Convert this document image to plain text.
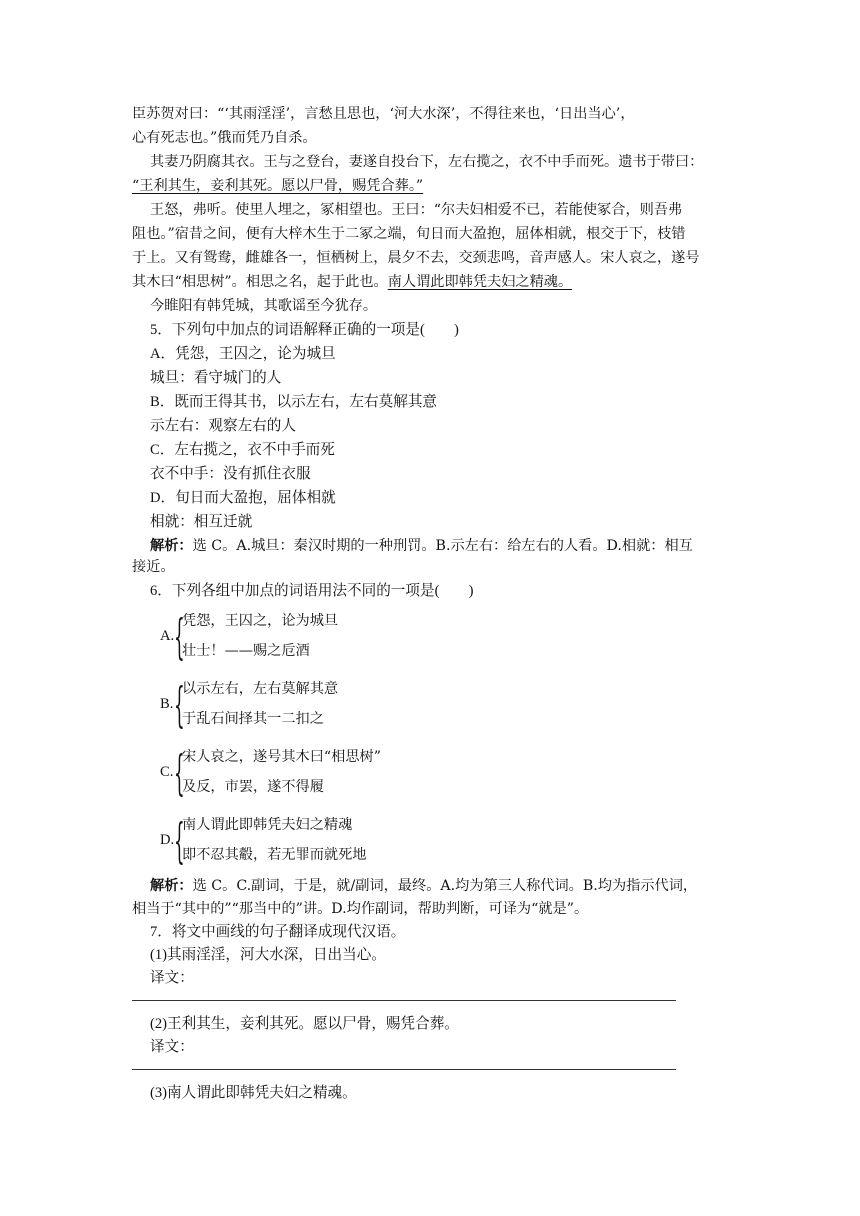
臣苏贺对曰：“‘其雨淫淫’，言愁且思也，‘河大水深’，不得往来也，‘日出当心’，
心有死志也。”俄而凭乃自杀。
其妻乃阴腐其衣。王与之登台，妻遂自投台下，左右揽之，衣不中手而死。遗书于带曰：
“王利其生，妾利其死。愿以尸骨，赐凭合葬。”
王怒，弗听。使里人埋之，冢相望也。王曰：“尔夫妇相爱不已，若能使冢合，则吾弗
阻也。”宿昔之间，便有大梓木生于二冢之端，旬日而大盈抱，屈体相就，根交于下，枝错
于上。又有鸳鸯，雌雄各一，恒栖树上，晨夕不去，交颈悲鸣，音声感人。宋人哀之，遂号
其木曰“相思树”。相思之名，起于此也。南人谓此即韩凭夫妇之精魂。
今睢阳有韩凭城，其歌谣至今犹存。
5．下列句中加点的词语解释正确的一项是(　　)
A．凭怨，王囚之，论为城旦
城旦：看守城门的人
B．既而王得其书，以示左右，左右莫解其意
示左右：观察左右的人
C．左右揽之，衣不中手而死
衣不中手：没有抓住衣服
D．旬日而大盈抱，屈体相就
相就：相互迁就
解析：选 C。A.城旦：秦汉时期的一种刑罚。B.示左右：给左右的人看。D.相就：相互
接近。
6．下列各组中加点的词语用法不同的一项是(　　)
A. {
凭怨，王囚之，论为城旦
壮士！——赐之卮酒
B. {
以示左右，左右莫解其意
于乱石间择其一二扣之
C. {
宋人哀之，遂号其木曰“相思树”
及反，市罢，遂不得履
D. {
南人谓此即韩凭夫妇之精魂
即不忍其觳，若无罪而就死地
解析：选 C。C.副词，于是，就/副词，最终。A.均为第三人称代词。B.均为指示代词，
相当于“其中的”“那当中的”讲。D.均作副词，帮助判断，可译为“就是”。
7．将文中画线的句子翻译成现代汉语。
(1)其雨淫淫，河大水深，日出当心。
译文：
(2)王利其生，妾利其死。愿以尸骨，赐凭合葬。
译文：
(3)南人谓此即韩凭夫妇之精魂。
